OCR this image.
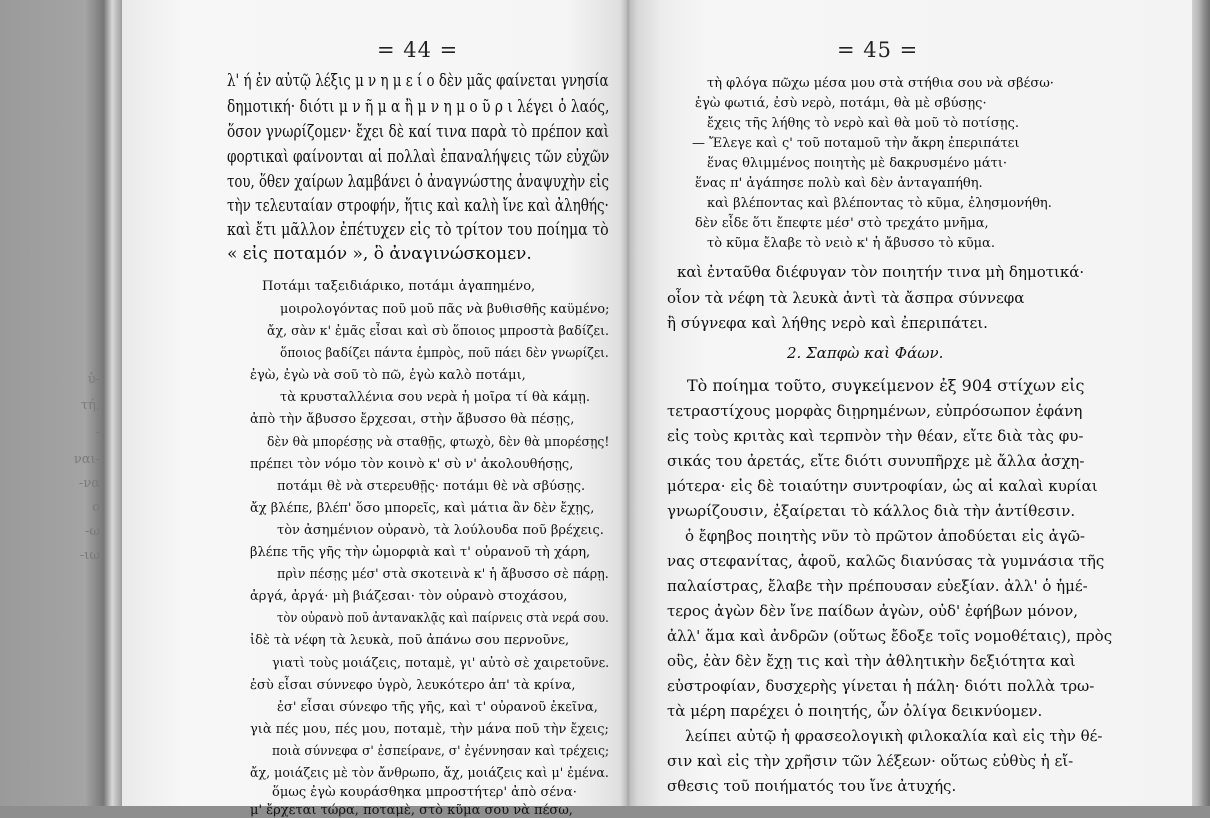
ὑ-
τή,
-
ναι-
-να
ο
-ω
-ιω
= 44 =
λ' ή ἐν αὐτῷ λέξις μ ν η μ ε ί ο δὲν μᾶς φαίνεται γνησία
δημοτική· διότι μ ν ῆ μ α ἢ μ ν η μ ο ῦ ρ ι λέγει ὁ λαός,
ὅσον γνωρίζομεν· ἔχει δὲ καί τινα παρὰ τὸ πρέπον καὶ
φορτικαὶ φαίνονται αἱ πολλαὶ ἐπαναλήψεις τῶν εὐχῶν
του, ὅθεν χαίρων λαμβάνει ὁ ἀναγνώστης ἀναψυχὴν εἰς
τὴν τελευταίαν στροφήν, ἥτις καὶ καλὴ ἴνε καὶ ἀληθής·
καὶ ἔτι μᾶλλον ἐπέτυχεν εἰς τὸ τρίτον του ποίημα τὸ
« εἰς ποταμόν », ὃ ἀναγινώσκομεν.
Ποτάμι ταξειδιάρικο, ποτάμι ἀγαπημένο,
μοιρολογόντας ποῦ μοῦ πᾶς νὰ βυθισθῆς καϋμένο;
ἄχ, σὰν κ' ἐμᾶς εἶσαι καὶ σὺ ὅποιος μπροστὰ βαδίζει.
ὅποιος βαδίζει πάντα ἐμπρὸς, ποῦ πάει δὲν γνωρίζει.
ἐγὼ, ἐγὼ νὰ σοῦ τὸ πῶ, ἐγὼ καλὸ ποτάμι,
τὰ κρυσταλλένια σου νερὰ ἡ μοῖρα τί θὰ κάμῃ.
ἀπὸ τὴν ἄβυσσο ἔρχεσαι, στὴν ἄβυσσο θὰ πέσῃς,
δὲν θὰ μπορέσῃς νὰ σταθῇς, φτωχὸ, δὲν θὰ μπορέσῃς!
πρέπει τὸν νόμο τὸν κοινὸ κ' σὺ ν' ἀκολουθήσῃς,
ποτάμι θὲ νὰ στερευθῇς· ποτάμι θὲ νὰ σβύσῃς.
ἄχ βλέπε, βλέπ' ὅσο μπορεῖς, καὶ μάτια ἂν δὲν ἔχῃς,
τὸν ἀσημένιον οὐρανὸ, τὰ λούλουδα ποῦ βρέχεις.
βλέπε τῆς γῆς τὴν ὠμορφιὰ καὶ τ' οὐρανοῦ τὴ χάρη,
πρὶν πέσῃς μέσ' στὰ σκοτεινὰ κ' ἡ ἄβυσσο σὲ πάρῃ.
ἀργά, ἀργά· μὴ βιάζεσαι· τὸν οὐρανὸ στοχάσου,
τὸν οὐρανὸ ποῦ ἀντανακλᾷς καὶ παίρνεις στὰ νερά σου.
ἰδὲ τὰ νέφη τὰ λευκὰ, ποῦ ἀπάνω σου περνοῦνε,
γιατὶ τοὺς μοιάζεις, ποταμὲ, γι' αὐτὸ σὲ χαιρετοῦνε.
ἐσὺ εἶσαι σύννεφο ὑγρὸ, λευκότερο ἀπ' τὰ κρίνα,
ἐσ' εἶσαι σύνεφο τῆς γῆς, καὶ τ' οὐρανοῦ ἐκεῖνα,
γιὰ πές μου, πές μου, ποταμὲ, τὴν μάνα ποῦ τὴν ἔχεις;
ποιὰ σύννεφα σ' ἐσπείρανε, σ' ἐγέννησαν καὶ τρέχεις;
ἄχ, μοιάζεις μὲ τὸν ἄνθρωπο, ἄχ, μοιάζεις καὶ μ' ἐμένα.
ὅμως ἐγὼ κουράσθηκα μπροστήτερ' ἀπὸ σένα·
μ' ἔρχεται τώρα, ποταμὲ, στὸ κῦμα σου νὰ πέσω,
= 45 =
τὴ φλόγα πῶχω μέσα μου στὰ στήθια σου νὰ σβέσω·
ἐγὼ φωτιά, ἐσὺ νερὸ, ποτάμι, θὰ μὲ σβύσῃς·
ἔχεις τῆς λήθης τὸ νερὸ καὶ θὰ μοῦ τὸ ποτίσῃς.
— Ἔλεγε καὶ ς' τοῦ ποταμοῦ τὴν ἄκρη ἐπεριπάτει
ἕνας θλιμμένος ποιητὴς μὲ δακρυσμένο μάτι·
ἕνας π' ἀγάπησε πολὺ καὶ δὲν ἀνταγαπήθη.
καὶ βλέποντας καὶ βλέποντας τὸ κῦμα, ἐλησμονήθη.
δὲν εἶδε ὅτι ἔπεφτε μέσ' στὸ τρεχάτο μνῆμα,
τὸ κῦμα ἔλαβε τὸ νειὸ κ' ἡ ἄβυσσο τὸ κῦμα.
καὶ ἐνταῦθα διέφυγαν τὸν ποιητήν τινα μὴ δημοτικά·
οἷον τὰ νέφη τὰ λευκὰ ἀντὶ τὰ ἄσπρα σύννεφα
ἢ σύγνεφα καὶ λήθης νερὸ καὶ ἐπεριπάτει.
2. Σαπφὼ καὶ Φάων.
Τὸ ποίημα τοῦτο, συγκείμενον ἐξ 904 στίχων εἰς
τετραστίχους μορφὰς διῃρημένων, εὐπρόσωπον ἐφάνη
εἰς τοὺς κριτὰς καὶ τερπνὸν τὴν θέαν, εἴτε διὰ τὰς φυ-
σικάς του ἀρετάς, εἴτε διότι συνυπῆρχε μὲ ἄλλα ἀσχη-
μότερα· εἰς δὲ τοιαύτην συντροφίαν, ὡς αἱ καλαὶ κυρίαι
γνωρίζουσιν, ἐξαίρεται τὸ κάλλος διὰ τὴν ἀντίθεσιν.
ὁ ἔφηβος ποιητὴς νῦν τὸ πρῶτον ἀποδύεται εἰς ἀγῶ-
νας στεφανίτας, ἀφοῦ, καλῶς διανύσας τὰ γυμνάσια τῆς
παλαίστρας, ἔλαβε τὴν πρέπουσαν εὐεξίαν. ἀλλ' ὁ ἡμέ-
τερος ἀγὼν δὲν ἴνε παίδων ἀγὼν, οὐδ' ἐφήβων μόνον,
ἀλλ' ἅμα καὶ ἀνδρῶν (οὕτως ἔδοξε τοῖς νομοθέταις), πρὸς
οὓς, ἐὰν δὲν ἔχῃ τις καὶ τὴν ἀθλητικὴν δεξιότητα καὶ
εὐστροφίαν, δυσχερὴς γίνεται ἡ πάλη· διότι πολλὰ τρω-
τὰ μέρη παρέχει ὁ ποιητής, ὧν ὀλίγα δεικνύομεν.
λείπει αὐτῷ ἡ φρασεολογικὴ φιλοκαλία καὶ εἰς τὴν θέ-
σιν καὶ εἰς τὴν χρῆσιν τῶν λέξεων· οὕτως εὐθὺς ἡ εἴ-
σθεσις τοῦ ποιήματός του ἴνε ἀτυχής.
